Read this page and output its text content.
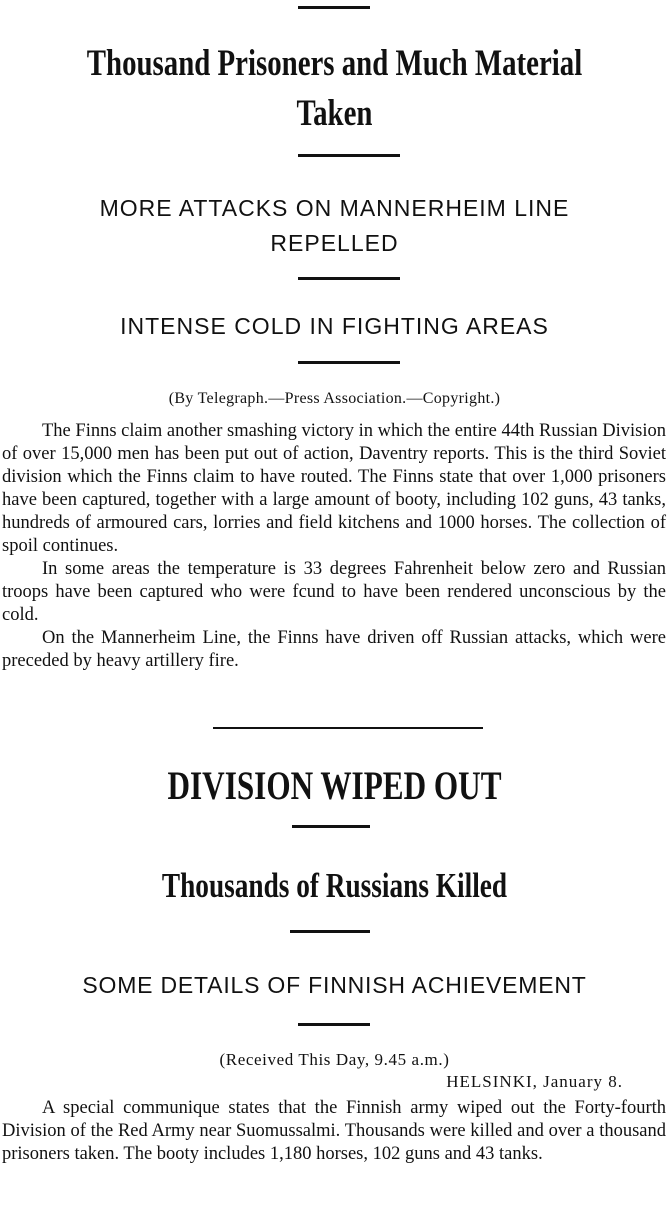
Thousand Prisoners and Much Material
Taken
MORE ATTACKS ON MANNERHEIM LINE
REPELLED
INTENSE COLD IN FIGHTING AREAS
(By Telegraph.—Press Association.—Copyright.)

The Finns claim another smashing victory in which the entire 44th Russian Division of over 15,000 men has been put out of action, Daventry reports. This is the third Soviet division which the Finns claim to have routed. The Finns state that over 1,000 prisoners have been captured, together with a large amount of booty, including 102 guns, 43 tanks, hundreds of armoured cars, lorries and field kitchens and 1000 horses. The collection of spoil continues.

In some areas the temperature is 33 degrees Fahrenheit below zero and Russian troops have been captured who were fcund to have been rendered unconscious by the cold.

On the Mannerheim Line, the Finns have driven off Russian attacks, which were preceded by heavy artillery fire.

DIVISION WIPED OUT
Thousands of Russians Killed
SOME DETAILS OF FINNISH ACHIEVEMENT
(Received This Day, 9.45 a.m.)
HELSINKI, January 8.

A special communique states that the Finnish army wiped out the Forty-fourth Division of the Red Army near Suomussalmi. Thousands were killed and over a thousand prisoners taken. The booty includes 1,180 horses, 102 guns and 43 tanks.
